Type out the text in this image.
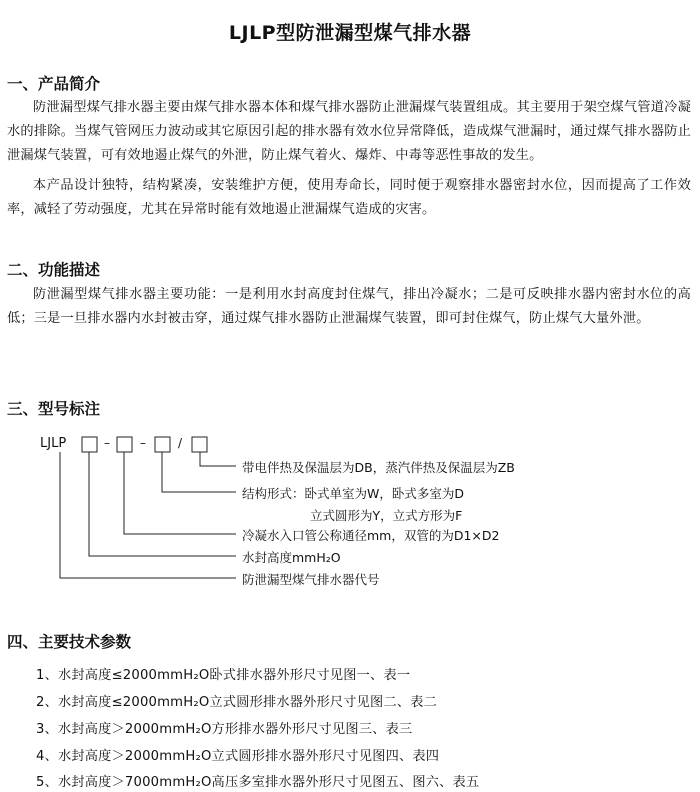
LJLP型防泄漏型煤气排水器
一、产品简介

防泄漏型煤气排水器主要由煤气排水器本体和煤气排水器防止泄漏煤气装置组成。其主要用于架空煤气管道冷凝水的排除。当煤气管网压力波动或其它原因引起的排水器有效水位异常降低，造成煤气泄漏时，通过煤气排水器防止泄漏煤气装置，可有效地遏止煤气的外泄，防止煤气着火、爆炸、中毒等恶性事故的发生。

本产品设计独特，结构紧凑，安装维护方便，使用寿命长，同时便于观察排水器密封水位，因而提高了工作效率，减轻了劳动强度，尤其在异常时能有效地遏止泄漏煤气造成的灾害。

二、功能描述

防泄漏型煤气排水器主要功能：一是利用水封高度封住煤气，排出冷凝水；二是可反映排水器内密封水位的高低；三是一旦排水器内水封被击穿，通过煤气排水器防止泄漏煤气装置，即可封住煤气，防止煤气大量外泄。

三、型号标注
LJLP	–	–	/
带电伴热及保温层为DB，蒸汽伴热及保温层为ZB
结构形式：卧式单室为W，卧式多室为D
立式圆形为Y，立式方形为F
冷凝水入口管公称通径mm，双管的为D1×D2
水封高度mmH₂O
防泄漏型煤气排水器代号
四、主要技术参数
1、水封高度≤2000mmH₂O卧式排水器外形尺寸见图一、表一
2、水封高度≤2000mmH₂O立式圆形排水器外形尺寸见图二、表二
3、水封高度＞2000mmH₂O方形排水器外形尺寸见图三、表三
4、水封高度＞2000mmH₂O立式圆形排水器外形尺寸见图四、表四
5、水封高度＞7000mmH₂O高压多室排水器外形尺寸见图五、图六、表五
